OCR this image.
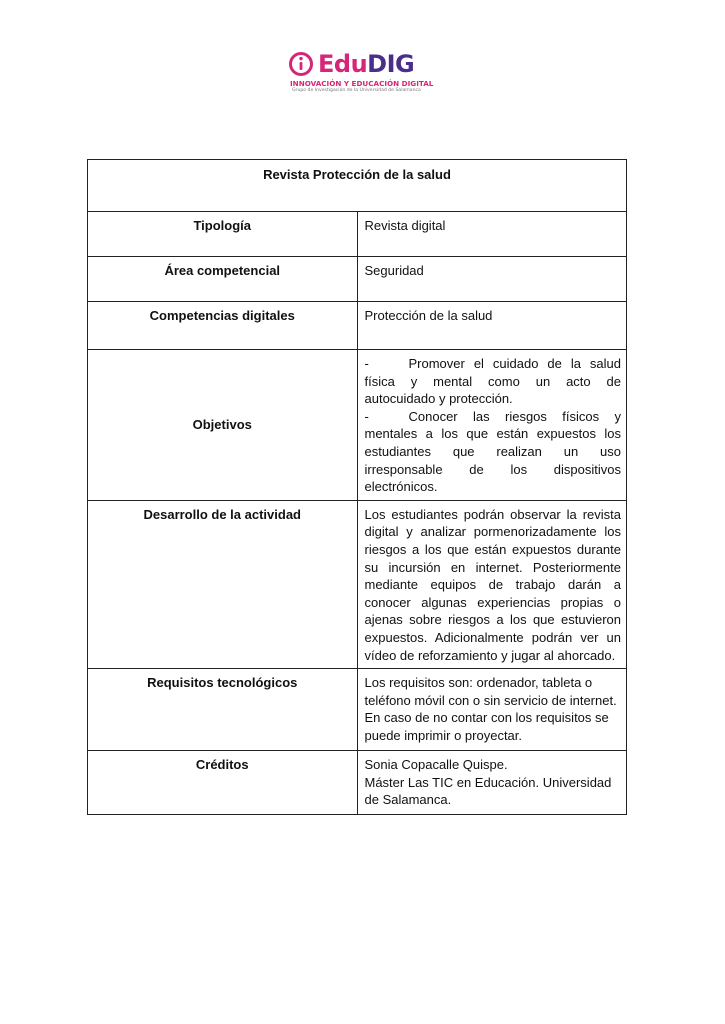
Edu DIG
INNOVACIÓN Y EDUCACIÓN DIGITAL
Grupo de Investigación de la Universidad de Salamanca
Revista Protección de la salud	
Tipología	Revista digital
Área competencial	Seguridad
Competencias digitales	Protección de la salud
Objetivos	- Promover el cuidado de la salud física y mental como un acto de autocuidado y protección.
- Conocer las riesgos físicos y mentales a los que están expuestos los estudiantes que realizan un uso irresponsable de los dispositivos electrónicos.

Desarrollo de la actividad	Los estudiantes podrán observar la revista digital y analizar pormenorizadamente los riesgos a los que están expuestos durante su incursión en internet. Posteriormente mediante equipos de trabajo darán a conocer algunas experiencias propias o ajenas sobre riesgos a los que estuvieron expuestos. Adicionalmente podrán ver un vídeo de reforzamiento y jugar al ahorcado.
Requisitos tecnológicos	Los requisitos son: ordenador, tableta o teléfono móvil con o sin servicio de internet.
En caso de no contar con los requisitos se puede imprimir o proyectar.

Créditos	Sonia Copacalle Quispe.
Máster Las TIC en Educación. Universidad de Salamanca.
